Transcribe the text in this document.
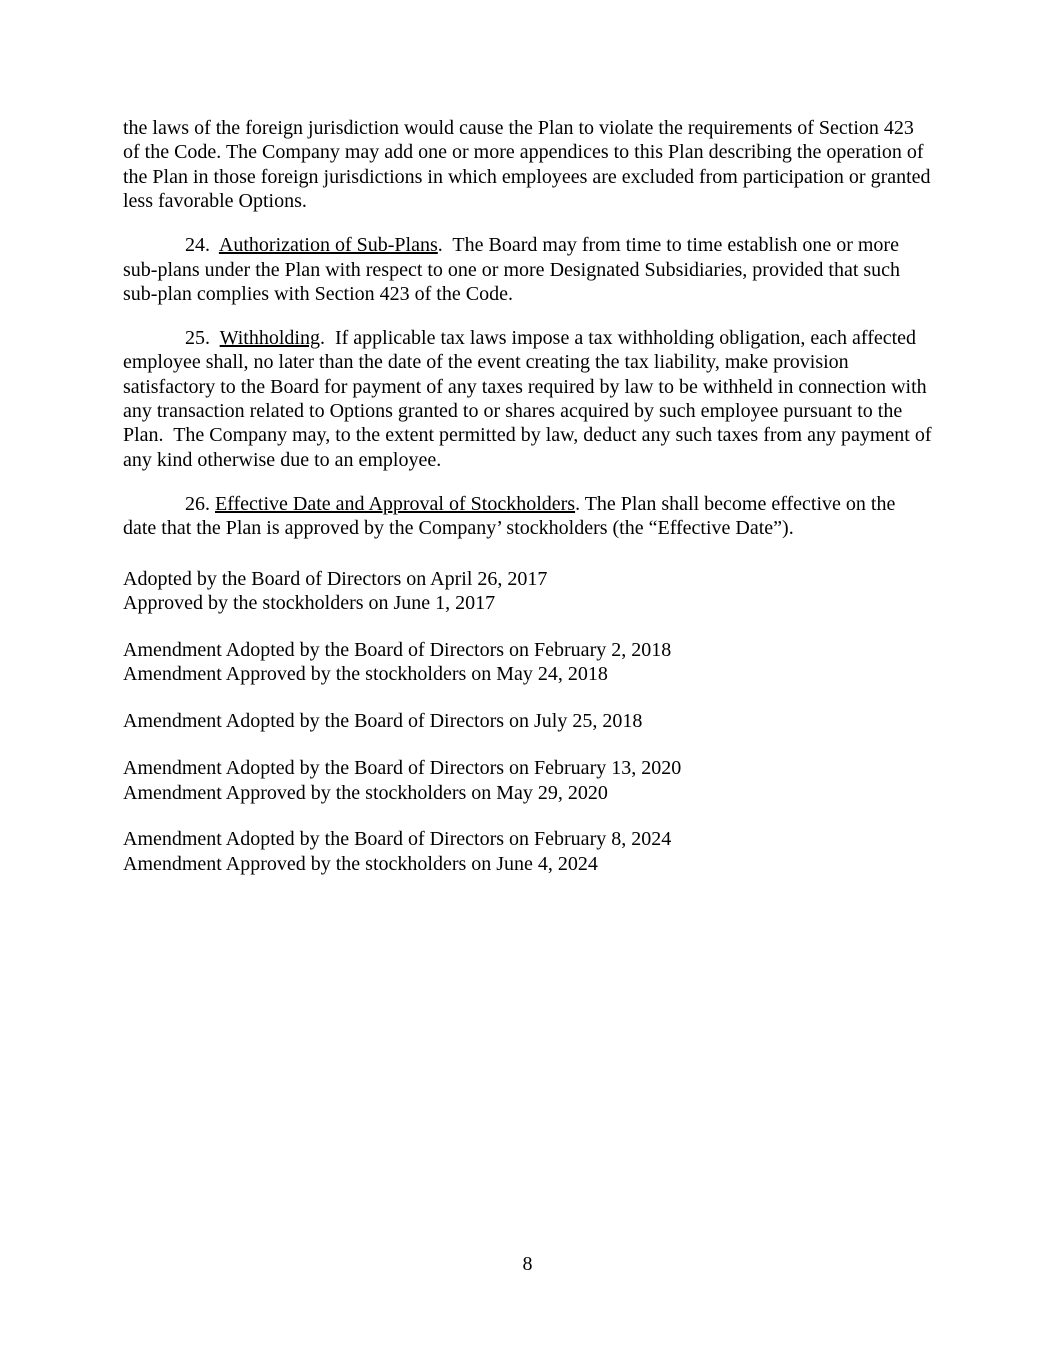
the laws of the foreign jurisdiction would cause the Plan to violate the requirements of Section 423 of the Code. The Company may add one or more appendices to this Plan describing the operation of the Plan in those foreign jurisdictions in which employees are excluded from participation or granted less favorable Options.

24.  Authorization of Sub-Plans.  The Board may from time to time establish one or more sub-plans under the Plan with respect to one or more Designated Subsidiaries, provided that such sub-plan complies with Section 423 of the Code.

25.  Withholding.  If applicable tax laws impose a tax withholding obligation, each affected employee shall, no later than the date of the event creating the tax liability, make provision satisfactory to the Board for payment of any taxes required by law to be withheld in connection with any transaction related to Options granted to or shares acquired by such employee pursuant to the Plan.  The Company may, to the extent permitted by law, deduct any such taxes from any payment of any kind otherwise due to an employee.

26. Effective Date and Approval of Stockholders. The Plan shall become effective on the date that the Plan is approved by the Company’ stockholders (the “Effective Date”).

Adopted by the Board of Directors on April 26, 2017
Approved by the stockholders on June 1, 2017
Amendment Adopted by the Board of Directors on February 2, 2018
Amendment Approved by the stockholders on May 24, 2018
Amendment Adopted by the Board of Directors on July 25, 2018
Amendment Adopted by the Board of Directors on February 13, 2020
Amendment Approved by the stockholders on May 29, 2020
Amendment Adopted by the Board of Directors on February 8, 2024
Amendment Approved by the stockholders on June 4, 2024
8
